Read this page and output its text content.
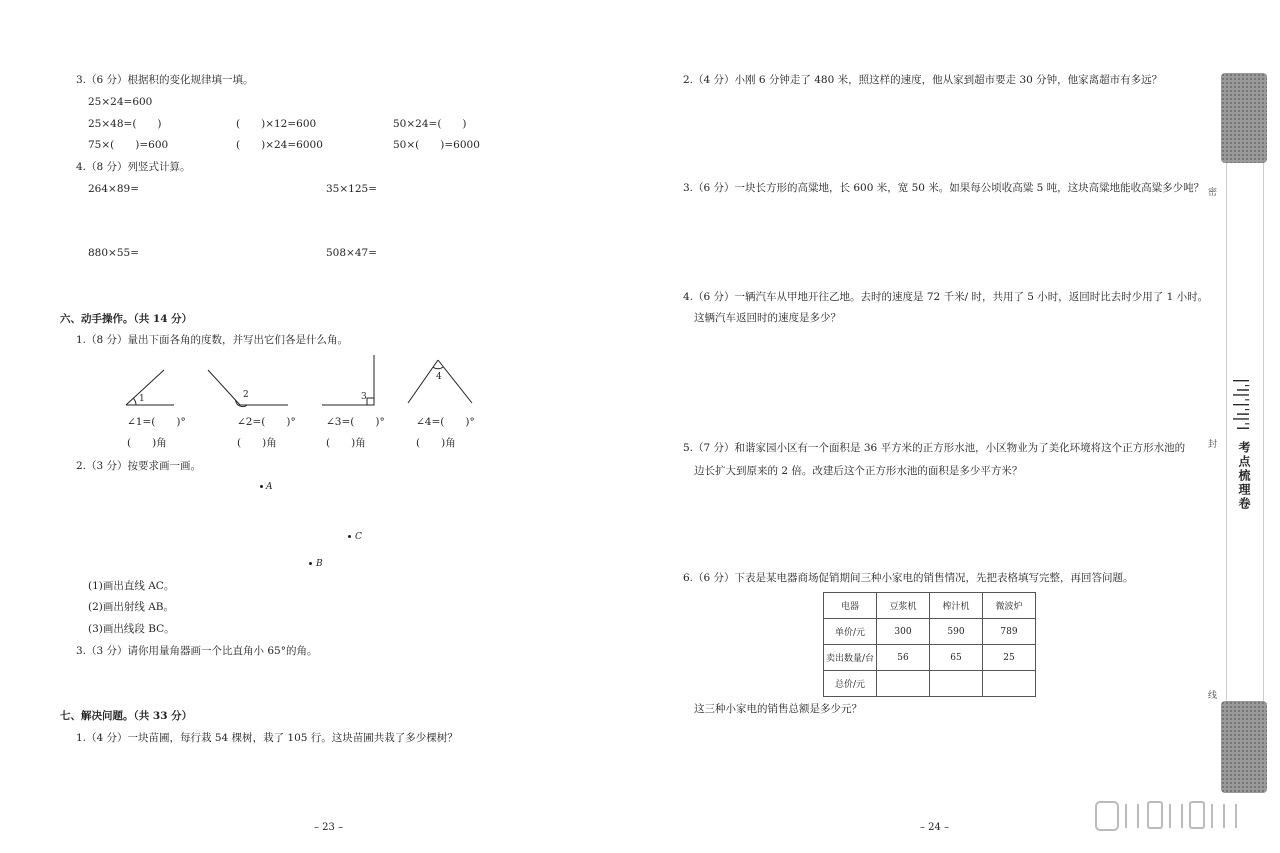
3.（6 分）根据积的变化规律填一填。
25×24=600
25×48=(　　)	(　　)×12=600	50×24=(　　)
75×(　　)=600	(　　)×24=6000	50×(　　)=6000
4.（8 分）列竖式计算。
264×89=	35×125=
880×55=	508×47=
六、动手操作。（共 14 分）
1.（8 分）量出下面各角的度数，并写出它们各是什么角。
1	2	3
4
∠1=(　　)°	∠2=(　　)°	∠3=(　　)°	∠4=(　　)°
(　　)角	(　　)角	(　　)角	(　　)角
2.（3 分）按要求画一画。
A
C
B
(1)画出直线 AC。
(2)画出射线 AB。
(3)画出线段 BC。
3.（3 分）请你用量角器画一个比直角小 65°的角。
七、解决问题。（共 33 分）
1.（4 分）一块苗圃，每行栽 54 棵树，栽了 105 行。这块苗圃共栽了多少棵树？
– 23 –
2.（4 分）小刚 6 分钟走了 480 米，照这样的速度，他从家到超市要走 30 分钟，他家离超市有多远？
3.（6 分）一块长方形的高粱地，长 600 米，宽 50 米。如果每公顷收高粱 5 吨，这块高粱地能收高粱多少吨？
4.（6 分）一辆汽车从甲地开往乙地。去时的速度是 72 千米/ 时，共用了 5 小时，返回时比去时少用了 1 小时。
这辆汽车返回时的速度是多少？
5.（7 分）和谐家园小区有一个面积是 36 平方米的正方形水池，小区物业为了美化环境将这个正方形水池的
边长扩大到原来的 2 倍。改建后这个正方形水池的面积是多少平方米？
6.（6 分）下表是某电器商场促销期间三种小家电的销售情况，先把表格填写完整，再回答问题。
电器	豆浆机	榨汁机	微波炉
单价/元	300	590	789
卖出数量/台	56	65	25
总价/元			
这三种小家电的销售总额是多少元？
– 24 –
密
封
线
|ˈl|ˈ|ˈl|ˈl
考点梳理卷
